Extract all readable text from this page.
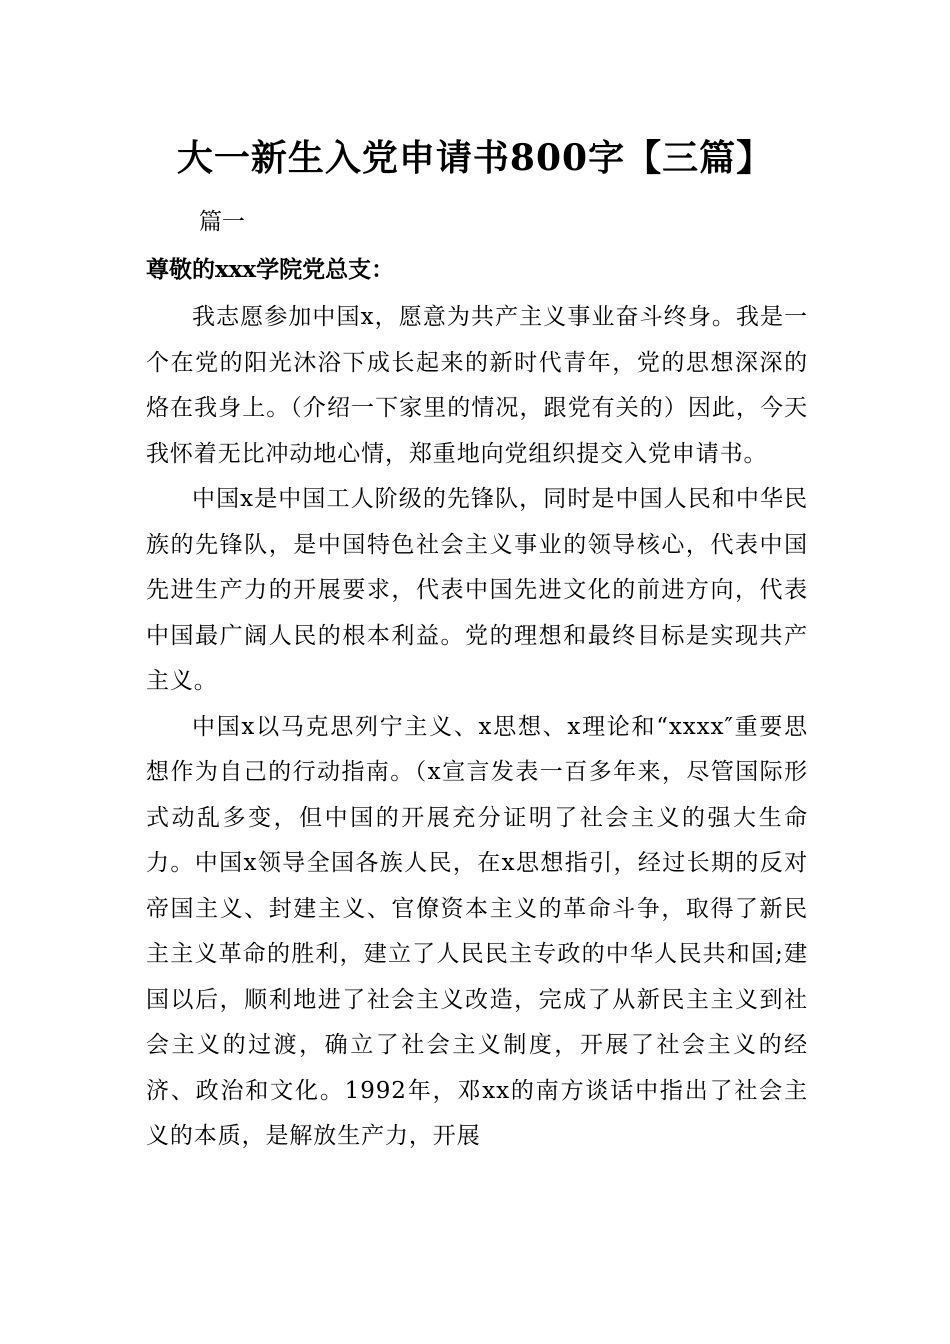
大一新生入党申请书800字【三篇】

篇一

尊敬的xxx学院党总支：

我志愿参加中国x，愿意为共产主义事业奋斗终身。我是一个在党的阳光沐浴下成长起来的新时代青年，党的思想深深的烙在我身上。（介绍一下家里的情况，跟党有关的）因此，今天我怀着无比冲动地心情，郑重地向党组织提交入党申请书。

中国x是中国工人阶级的先锋队，同时是中国人民和中华民族的先锋队，是中国特色社会主义事业的领导核心，代表中国先进生产力的开展要求，代表中国先进文化的前进方向，代表中国最广阔人民的根本利益。党的理想和最终目标是实现共产主义。

中国x以马克思列宁主义、x思想、x理论和“xxxx″重要思想作为自己的行动指南。（x宣言发表一百多年来，尽管国际形式动乱多变，但中国的开展充分证明了社会主义的强大生命力。中国x领导全国各族人民，在x思想指引，经过长期的反对帝国主义、封建主义、官僚资本主义的革命斗争，取得了新民主主义革命的胜利，建立了人民民主专政的中华人民共和国;建国以后，顺利地进了社会主义改造，完成了从新民主主义到社会主义的过渡，确立了社会主义制度，开展了社会主义的经济、政治和文化。1992年，邓xx的南方谈话中指出了社会主义的本质，是解放生产力，开展
